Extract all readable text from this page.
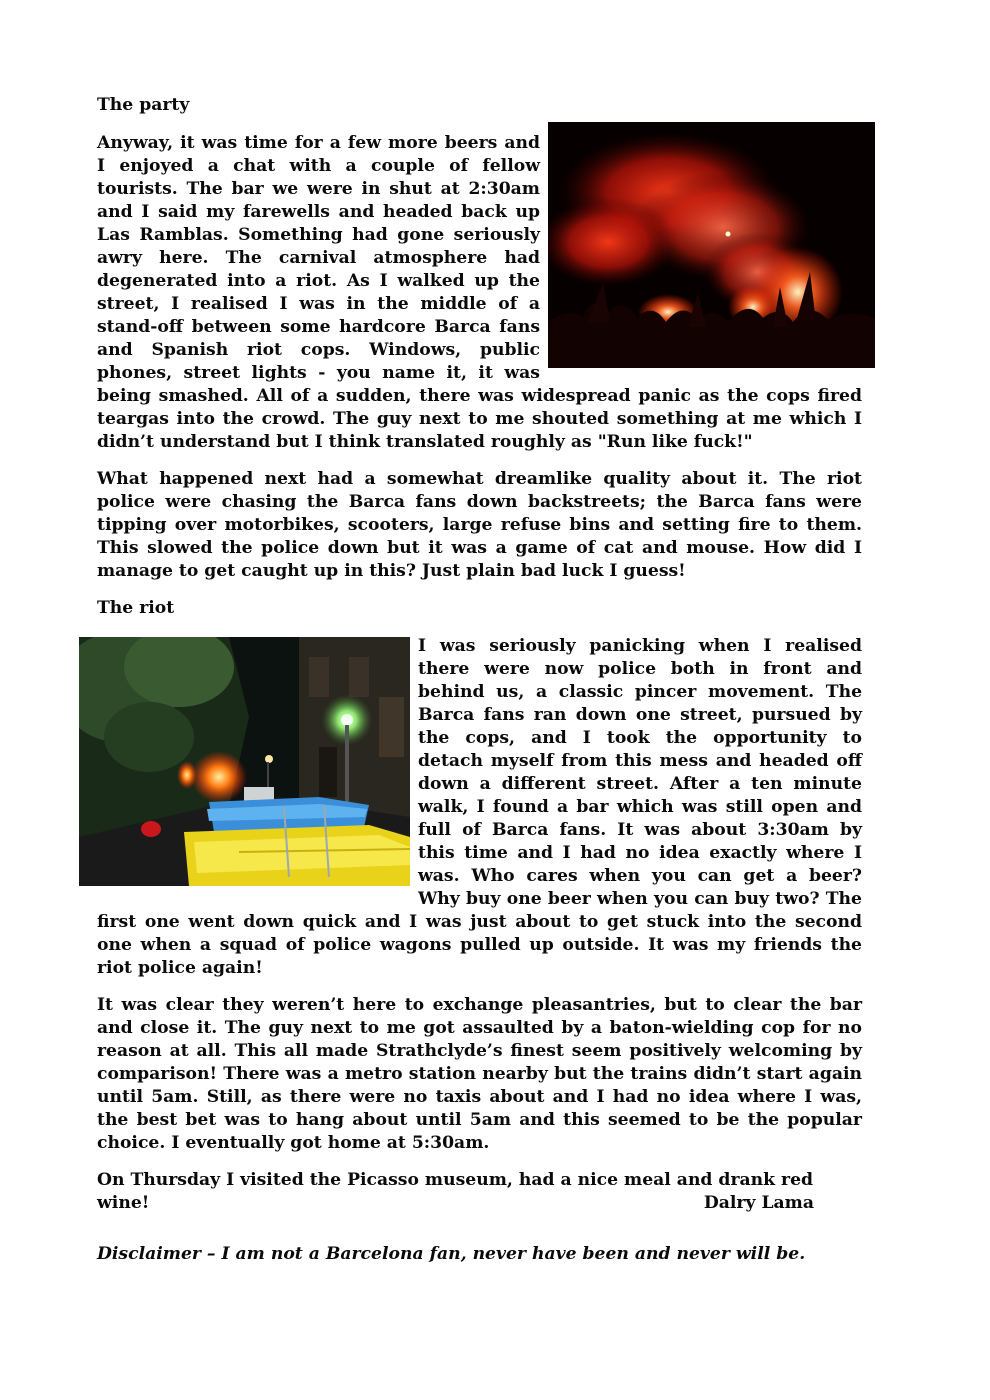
The party

Anyway, it was time for a few more beers and I enjoyed a chat with a couple of fellow tourists. The bar we were in shut at 2:30am and I said my farewells and headed back up Las Ramblas. Something had gone seriously awry here. The carnival atmosphere had degenerated into a riot. As I walked up the street, I realised I was in the middle of a stand-off between some hardcore Barca fans and Spanish riot cops. Windows, public phones, street lights - you name it, it was being smashed. All of a sudden, there was widespread panic as the cops fired teargas into the crowd. The guy next to me shouted something at me which I didn’t understand but I think translated roughly as "Run like fuck!"

What happened next had a somewhat dreamlike quality about it. The riot police were chasing the Barca fans down backstreets; the Barca fans were tipping over motorbikes, scooters, large refuse bins and setting fire to them. This slowed the police down but it was a game of cat and mouse. How did I manage to get caught up in this? Just plain bad luck I guess!

The riot

I was seriously panicking when I realised there were now police both in front and behind us, a classic pincer movement. The Barca fans ran down one street, pursued by the cops, and I took the opportunity to detach myself from this mess and headed off down a different street. After a ten minute walk, I found a bar which was still open and full of Barca fans. It was about 3:30am by this time and I had no idea exactly where I was. Who cares when you can get a beer? Why buy one beer when you can buy two? The first one went down quick and I was just about to get stuck into the second one when a squad of police wagons pulled up outside. It was my friends the riot police again!

It was clear they weren’t here to exchange pleasantries, but to clear the bar and close it. The guy next to me got assaulted by a baton-wielding cop for no reason at all. This all made Strathclyde’s finest seem positively welcoming by comparison! There was a metro station nearby but the trains didn’t start again until 5am. Still, as there were no taxis about and I had no idea where I was, the best bet was to hang about until 5am and this seemed to be the popular choice. I eventually got home at 5:30am.

On Thursday I visited the Picasso museum, had a nice meal and drank red wine!	Dalry Lama

Disclaimer – I am not a Barcelona fan, never have been and never will be.
